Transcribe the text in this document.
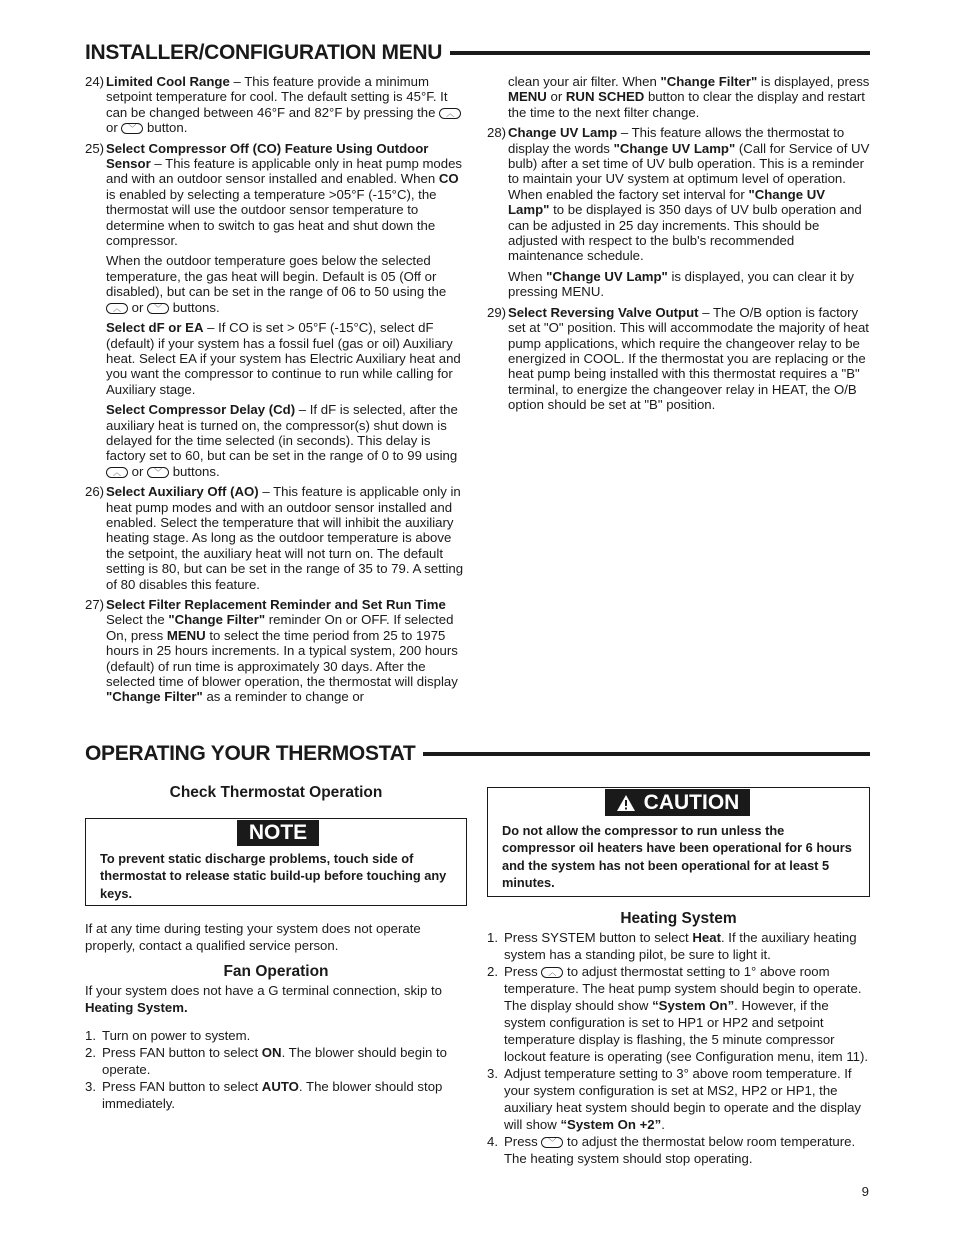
INSTALLER/CONFIGURATION MENU
24) Limited Cool Range – This feature provide a minimum setpoint temperature for cool. The default setting is 45°F. It can be changed between 46°F and 82°F by pressing the ︿ or ﹀ button.

25) Select Compressor Off (CO) Feature Using Outdoor Sensor – This feature is applicable only in heat pump modes and with an outdoor sensor installed and enabled. When CO is enabled by selecting a temperature >05°F (-15°C), the thermostat will use the outdoor sensor temperature to determine when to switch to gas heat and shut down the compressor.

When the outdoor temperature goes below the selected temperature, the gas heat will begin. Default is 05 (Off or disabled), but can be set in the range of 06 to 50 using the ︿ or ﹀ buttons.

Select dF or EA – If CO is set > 05°F (-15°C), select dF (default) if your system has a fossil fuel (gas or oil) Auxiliary heat. Select EA if your system has Electric Auxiliary heat and you want the compressor to continue to run while calling for Auxiliary stage.

Select Compressor Delay (Cd) – If dF is selected, after the auxiliary heat is turned on, the compressor(s) shut down is delayed for the time selected (in seconds). This delay is factory set to 60, but can be set in the range of 0 to 99 using ︿ or ﹀ buttons.

26) Select Auxiliary Off (AO) – This feature is applicable only in heat pump modes and with an outdoor sensor installed and enabled. Select the temperature that will inhibit the auxiliary heating stage. As long as the outdoor temperature is above the setpoint, the auxiliary heat will not turn on. The default setting is 80, but can be set in the range of 35 to 79. A setting of 80 disables this feature.

27) Select Filter Replacement Reminder and Set Run Time Select the "Change Filter" reminder On or OFF. If selected On, press MENU to select the time period from 25 to 1975 hours in 25 hours increments. In a typical system, 200 hours (default) of run time is approximately 30 days. After the selected time of blower operation, the thermostat will display "Change Filter" as a reminder to change or

clean your air filter. When "Change Filter" is displayed, press MENU or RUN SCHED button to clear the display and restart the time to the next filter change.

28) Change UV Lamp – This feature allows the thermostat to display the words "Change UV Lamp" (Call for Service of UV bulb) after a set time of UV bulb operation. This is a reminder to maintain your UV system at optimum level of operation. When enabled the factory set interval for "Change UV Lamp" to be displayed is 350 days of UV bulb operation and can be adjusted in 25 day increments. This should be adjusted with respect to the bulb's recommended maintenance schedule.

When "Change UV Lamp" is displayed, you can clear it by pressing MENU.

29) Select Reversing Valve Output – The O/B option is factory set at "O" position. This will accommodate the majority of heat pump applications, which require the changeover relay to be energized in COOL. If the thermostat you are replacing or the heat pump being installed with this thermostat requires a "B" terminal, to energize the changeover relay in HEAT, the O/B option should be set at "B" position.

OPERATING YOUR THERMOSTAT
Check Thermostat Operation
NOTE
To prevent static discharge problems, touch side of thermostat to release static build-up before touching any keys.
If at any time during testing your system does not operate properly, contact a qualified service person.
Fan Operation
If your system does not have a G terminal connection, skip to Heating System.
1. Turn on power to system.
2. Press FAN button to select ON. The blower should begin to operate.
3. Press FAN button to select AUTO. The blower should stop immediately.
CAUTION
Do not allow the compressor to run unless the compressor oil heaters have been operational for 6 hours and the system has not been operational for at least 5 minutes.
Heating System
1. Press SYSTEM button to select Heat. If the auxiliary heating system has a standing pilot, be sure to light it.
2. Press ︿ to adjust thermostat setting to 1° above room temperature. The heat pump system should begin to operate. The display should show “System On”. However, if the system configuration is set to HP1 or HP2 and setpoint temperature display is flashing, the 5 minute compressor lockout feature is operating (see Configuration menu, item 11).
3. Adjust temperature setting to 3° above room temperature. If your system configuration is set at MS2, HP2 or HP1, the auxiliary heat system should begin to operate and the display will show “System On +2”.
4. Press ﹀ to adjust the thermostat below room temperature. The heating system should stop operating.
9
